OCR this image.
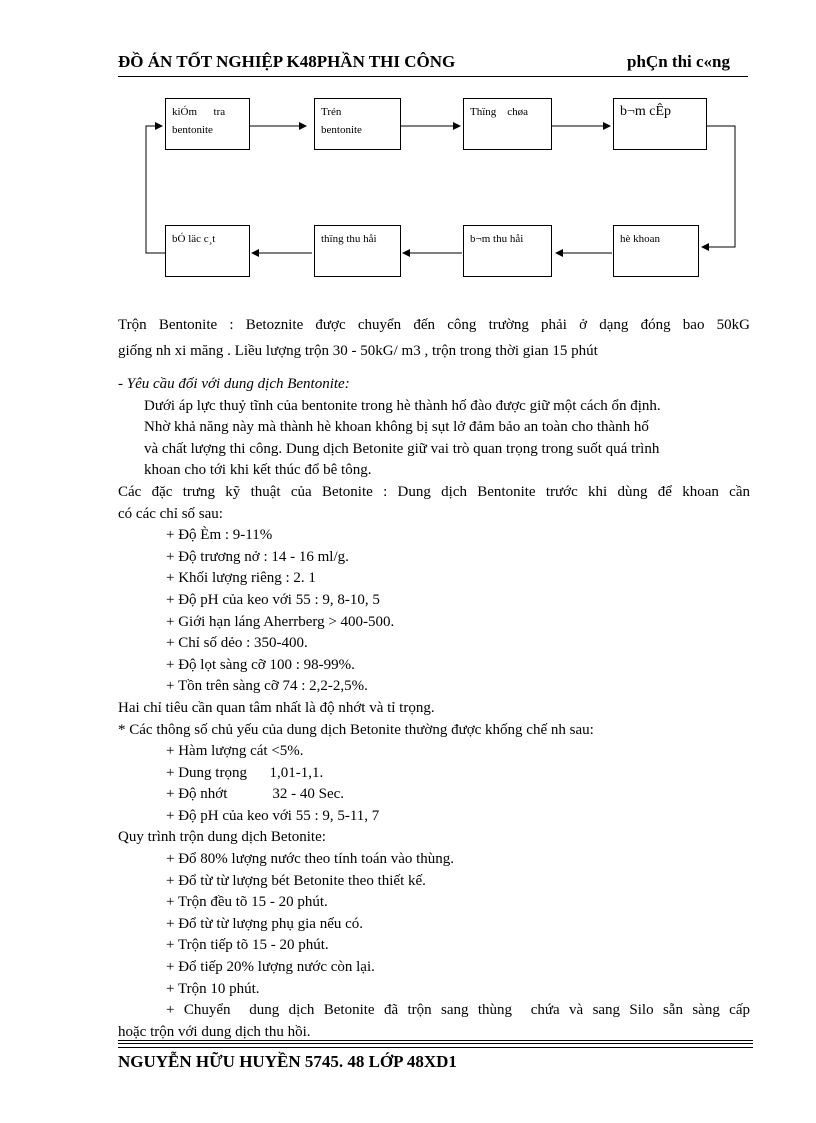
ĐỒ ÁN TỐT NGHIỆP K48PHẦN THI CÔNG	phÇn thi c«ng
kiÓm      tra
bentonite
Trén
bentonite
Thïng    chøa	b¬m cÊp
bÓ läc c¸t	thïng thu håi	b¬m thu håi	hè khoan
Trộn Bentonite : Betoznite được chuyển đến công trường phải ở dạng đóng bao 50kG
giống nh xi măng . Liều lượng trộn 30 - 50kG/ m3 , trộn trong thời gian 15 phút
- Yêu cầu đối với dung dịch Bentonite:
Dưới áp lực thuỷ tĩnh của bentonite trong hè thành hố đào được giữ một cách ổn định.
Nhờ khả năng này mà thành hè khoan không bị sụt lở đảm bảo an toàn cho thành hố
và chất lượng thi công. Dung dịch Betonite giữ vai trò quan trọng trong suốt quá trình
khoan cho tới khi kết thúc đổ bê tông.
Các đặc trưng kỹ thuật của Betonite : Dung dịch Bentonite trước khi dùng để khoan cần
có các chỉ số sau:
+ Độ Èm : 9-11%
+ Độ trương nở : 14 - 16 ml/g.
+ Khối lượng riêng : 2. 1
+ Độ pH của keo với 55 : 9, 8-10, 5
+ Giới hạn láng Aherrberg > 400-500.
+ Chỉ số dẻo : 350-400.
+ Độ lọt sàng cỡ 100 : 98-99%.
+ Tồn trên sàng cỡ 74 : 2,2-2,5%.
Hai chỉ tiêu cần quan tâm nhất là độ nhớt và tỉ trọng.
* Các thông số chủ yếu của dung dịch Betonite thường được khống chế nh sau:
+ Hàm lượng cát <5%.
+ Dung trọng      1,01-1,1.
+ Độ nhớt            32 - 40 Sec.
+ Độ pH của keo với 55 : 9, 5-11, 7
Quy trình trộn dung dịch Betonite:
+ Đổ 80% lượng nước theo tính toán vào thùng.
+ Đổ từ từ lượng bét Betonite theo thiết kế.
+ Trộn đều tõ 15 - 20 phút.
+ Đổ từ từ lượng phụ gia nếu có.
+ Trộn tiếp tõ 15 - 20 phút.
+ Đổ tiếp 20% lượng nước còn lại.
+ Trộn 10 phút.
+ Chuyển  dung dịch Betonite đã trộn sang thùng  chứa và sang Silo sẵn sàng cấp
hoặc trộn với dung dịch thu hồi.
NGUYỄN HỮU HUYỀN 5745. 48 LỚP 48XD1
